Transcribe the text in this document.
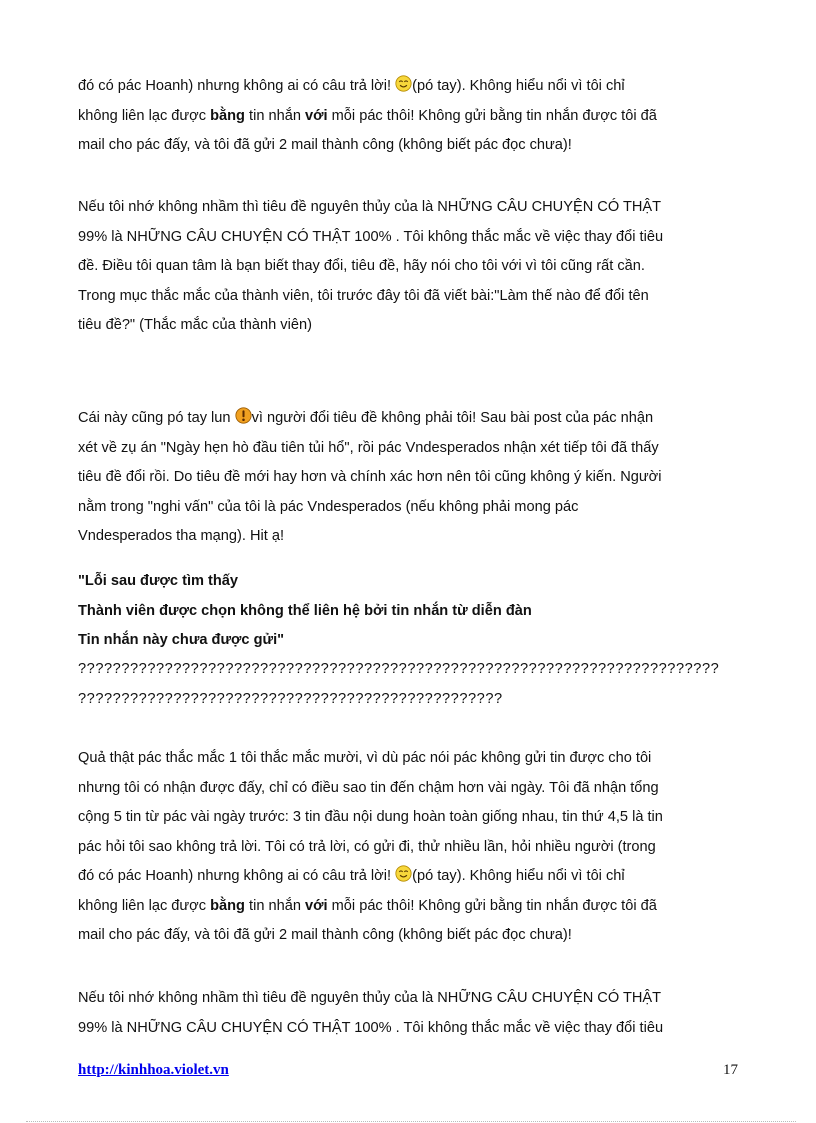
đó có pác Hoanh) nhưng không ai có câu trả lời! (pó tay). Không hiểu nổi vì tôi chỉ

không liên lạc được bằng tin nhắn với mỗi pác thôi! Không gửi bằng tin nhắn được tôi đã

mail cho pác đấy, và tôi đã gửi 2 mail thành công (không biết pác đọc chưa)!

Nếu tôi nhớ không nhầm thì tiêu đề nguyên thủy của là NHỮNG CÂU CHUYỆN CÓ THẬT

99% là NHỮNG CÂU CHUYỆN CÓ THẬT 100% . Tôi không thắc mắc về việc thay đổi tiêu

đề. Điều tôi quan tâm là bạn biết thay đổi, tiêu đề, hãy nói cho tôi với vì tôi cũng rất cần.

Trong mục thắc mắc của thành viên, tôi trước đây tôi đã viết bài:"Làm thế nào để đổi tên

tiêu đề?" (Thắc mắc của thành viên)

Cái này cũng pó tay lun vì người đổi tiêu đề không phải tôi! Sau bài post của pác nhận

xét về zụ án "Ngày hẹn hò đầu tiên tủi hổ", rồi pác Vndesperados nhận xét tiếp tôi đã thấy

tiêu đề đổi rồi. Do tiêu đề mới hay hơn và chính xác hơn nên tôi cũng không ý kiến. Người

nằm trong "nghi vấn" của tôi là pác Vndesperados (nếu không phải mong pác

Vndesperados tha mạng). Hit ạ!

"Lỗi sau được tìm thấy

Thành viên được chọn không thể liên hệ bởi tin nhắn từ diễn đàn

Tin nhắn này chưa được gửi"

??????????????????????????????????????????????????????????????????????????

?????????????????????????????????????????????????

Quả thật pác thắc mắc 1 tôi thắc mắc mười, vì dù pác nói pác không gửi tin được cho tôi

nhưng tôi có nhận được đấy, chỉ có điều sao tin đến chậm hơn vài ngày. Tôi đã nhận tổng

cộng 5 tin từ pác vài ngày trước: 3 tin đầu nội dung hoàn toàn giống nhau, tin thứ 4,5 là tin

pác hỏi tôi sao không trả lời. Tôi có trả lời, có gửi đi, thử nhiều lần, hỏi nhiều người (trong

đó có pác Hoanh) nhưng không ai có câu trả lời! (pó tay). Không hiểu nổi vì tôi chỉ

không liên lạc được bằng tin nhắn với mỗi pác thôi! Không gửi bằng tin nhắn được tôi đã

mail cho pác đấy, và tôi đã gửi 2 mail thành công (không biết pác đọc chưa)!

Nếu tôi nhớ không nhầm thì tiêu đề nguyên thủy của là NHỮNG CÂU CHUYỆN CÓ THẬT

99% là NHỮNG CÂU CHUYỆN CÓ THẬT 100% . Tôi không thắc mắc về việc thay đổi tiêu

http://kinhhoa.violet.vn	17
